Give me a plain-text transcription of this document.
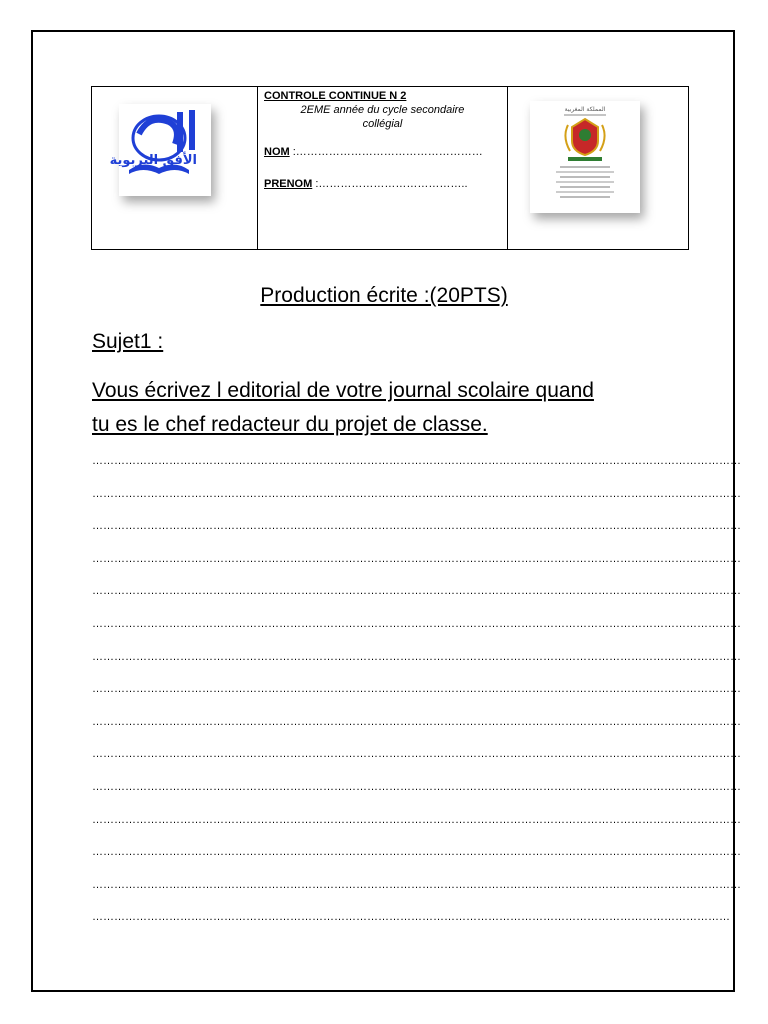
الأفق التربوية
CONTROLE CONTINUE N 2
2EME année du cycle secondaire
collégial
NOM :……………………………………………
PRENOM :…………………………………..
المملكة المغربية
Production écrite :(20PTS)
Sujet1 :
Vous écrivez l editorial de votre journal scolaire quand
tu es le chef redacteur du projet de classe.
……………………………………………………………………………………………………………………………………………………………
……………………………………………………………………………………………………………………………………………………………
……………………………………………………………………………………………………………………………………………………………
……………………………………………………………………………………………………………………………………………………………
……………………………………………………………………………………………………………………………………………………………
……………………………………………………………………………………………………………………………………………………………
……………………………………………………………………………………………………………………………………………………………
……………………………………………………………………………………………………………………………………………………………
……………………………………………………………………………………………………………………………………………………………
……………………………………………………………………………………………………………………………………………………………
……………………………………………………………………………………………………………………………………………………………
……………………………………………………………………………………………………………………………………………………………
……………………………………………………………………………………………………………………………………………………………
……………………………………………………………………………………………………………………………………………………………
…………………………………………………………………………………………………………………………………………………………
